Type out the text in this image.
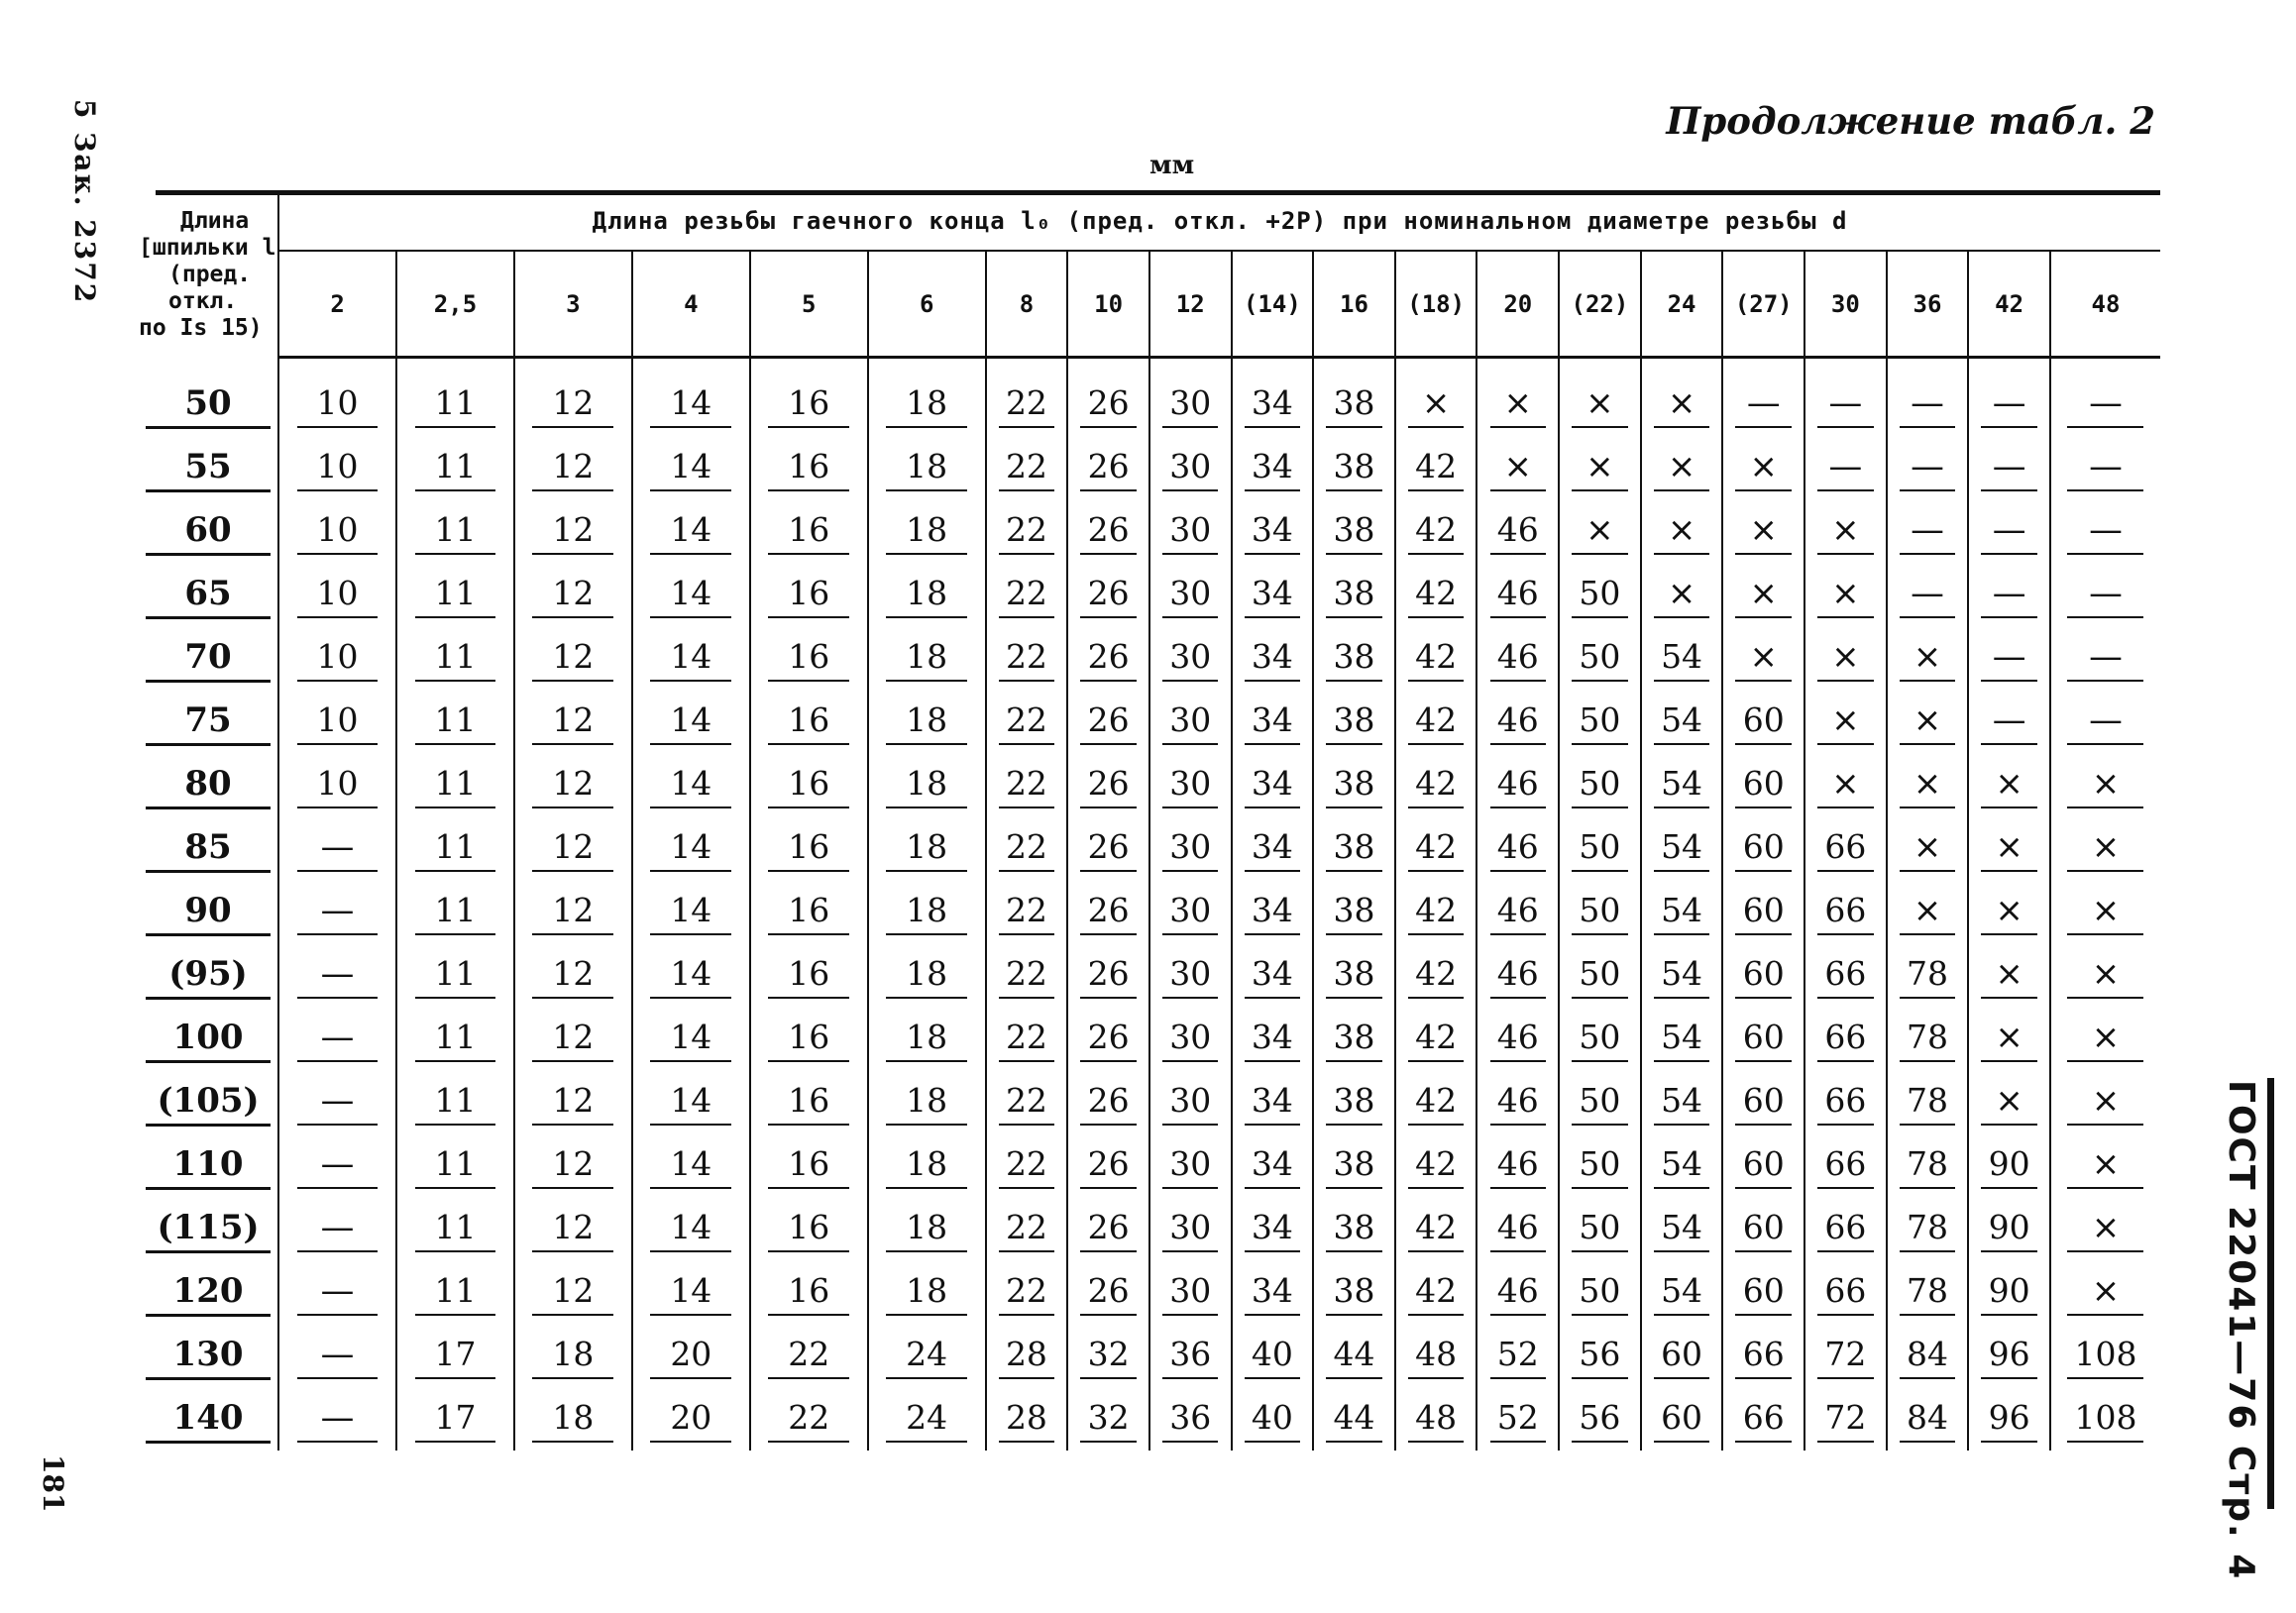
Продолжение табл. 2
мм
5 Зак. 2372
181	ГОСТ 22041—76 Стр. 4
Длина
[шпильки l
(пред.
откл.
по Is 15)	Длина резьбы гаечного конца l₀ (пред. откл. +2P) при номинальном диаметре резьбы d																			
	2	2,5	3	4	5	6	8	10	12	(14)	16	(18)	20	(22)	24	(27)	30	36	42	48

50	10	11	12	14	16	18	22	26	30	34	38	×	×	×	×	—	—	—	—	—
55	10	11	12	14	16	18	22	26	30	34	38	42	×	×	×	×	—	—	—	—
60	10	11	12	14	16	18	22	26	30	34	38	42	46	×	×	×	×	—	—	—
65	10	11	12	14	16	18	22	26	30	34	38	42	46	50	×	×	×	—	—	—
70	10	11	12	14	16	18	22	26	30	34	38	42	46	50	54	×	×	×	—	—
75	10	11	12	14	16	18	22	26	30	34	38	42	46	50	54	60	×	×	—	—
80	10	11	12	14	16	18	22	26	30	34	38	42	46	50	54	60	×	×	×	×
85	—	11	12	14	16	18	22	26	30	34	38	42	46	50	54	60	66	×	×	×
90	—	11	12	14	16	18	22	26	30	34	38	42	46	50	54	60	66	×	×	×
(95)	—	11	12	14	16	18	22	26	30	34	38	42	46	50	54	60	66	78	×	×
100	—	11	12	14	16	18	22	26	30	34	38	42	46	50	54	60	66	78	×	×
(105)	—	11	12	14	16	18	22	26	30	34	38	42	46	50	54	60	66	78	×	×
110	—	11	12	14	16	18	22	26	30	34	38	42	46	50	54	60	66	78	90	×
(115)	—	11	12	14	16	18	22	26	30	34	38	42	46	50	54	60	66	78	90	×
120	—	11	12	14	16	18	22	26	30	34	38	42	46	50	54	60	66	78	90	×
130	—	17	18	20	22	24	28	32	36	40	44	48	52	56	60	66	72	84	96	108
140	—	17	18	20	22	24	28	32	36	40	44	48	52	56	60	66	72	84	96	108
